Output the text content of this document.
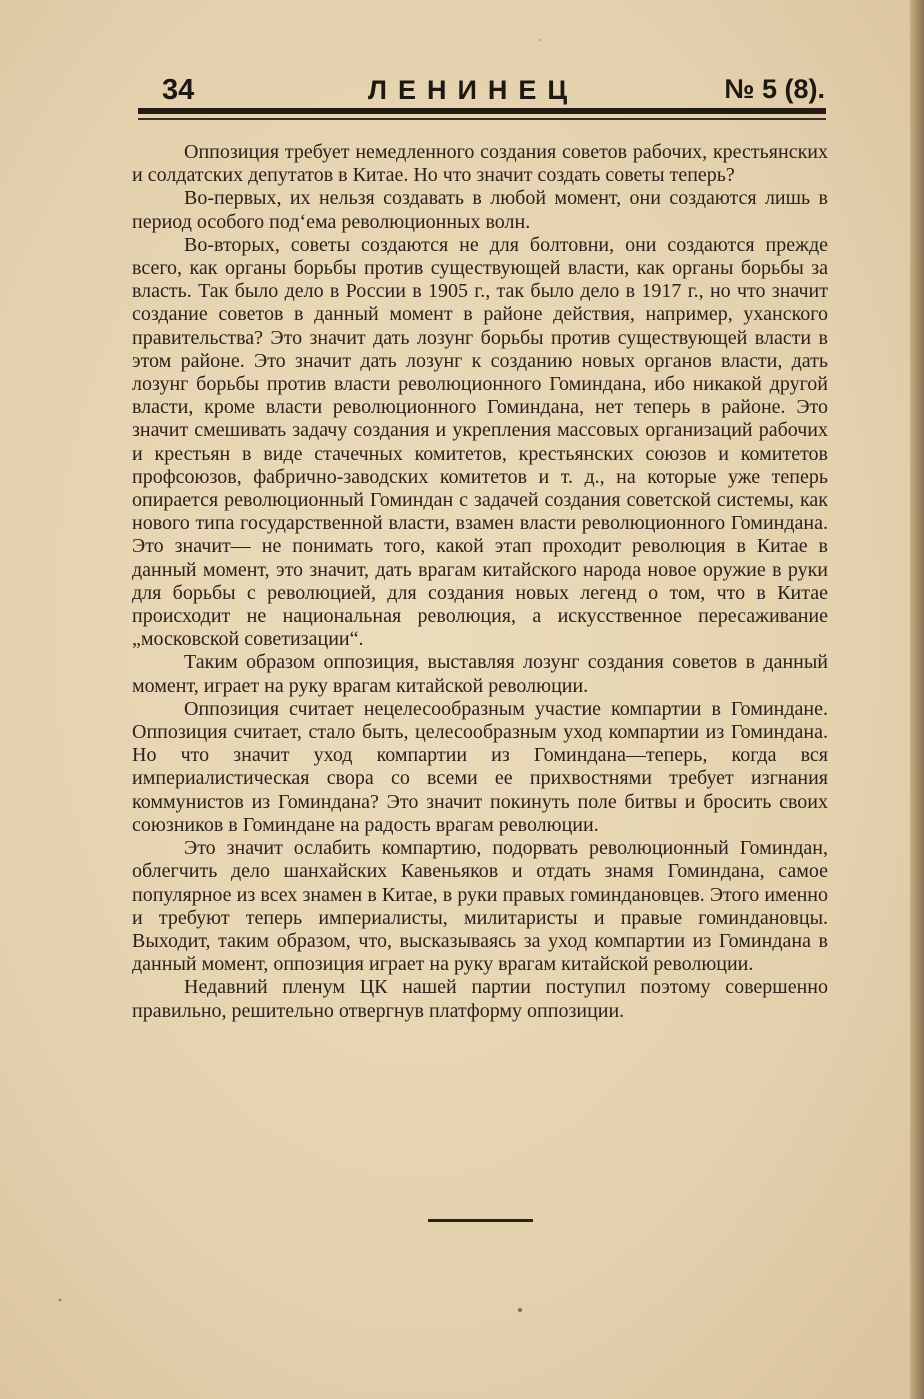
34	ЛЕНИНЕЦ	№ 5 (8).

Оппозиция требует немедленного создания советов рабочих, крестьянских и солдатских депутатов в Китае. Но что значит создать советы теперь?

Во-первых, их нельзя создавать в любой момент, они создаются лишь в период особого под‘ема революционных волн.

Во-вторых, советы создаются не для болтовни, они создаются прежде всего, как органы борьбы против существующей власти, как органы борьбы за власть. Так было дело в России в 1905 г., так было дело в 1917 г., но что значит создание советов в данный момент в районе действия, например, уханского правительства? Это значит дать лозунг борьбы против существующей власти в этом районе. Это значит дать лозунг к созданию новых органов власти, дать лозунг борьбы против власти революционного Гоминдана, ибо никакой другой власти, кроме власти революционного Гоминдана, нет теперь в районе. Это значит смешивать задачу создания и укрепления массовых организаций рабочих и крестьян в виде стачечных комитетов, крестьянских союзов и комитетов профсоюзов, фабрично-заводских комитетов и т. д., на которые уже теперь опирается революционный Гоминдан с задачей создания советской системы, как нового типа государственной власти, взамен власти революционного Гоминдана. Это значит— не понимать того, какой этап проходит революция в Китае в данный момент, это значит, дать врагам китайского народа новое оружие в руки для борьбы с революцией, для создания новых легенд о том, что в Китае происходит не национальная революция, а искусственное пересаживание „московской советизации“.

Таким образом оппозиция, выставляя лозунг создания советов в данный момент, играет на руку врагам китайской революции.

Оппозиция считает нецелесообразным участие компартии в Гоминдане. Оппозиция считает, стало быть, целесообразным уход компартии из Гоминдана. Но что значит уход компартии из Гоминдана—теперь, когда вся империалистическая свора со всеми ее прихвостнями требует изгнания коммунистов из Гоминдана? Это значит покинуть поле битвы и бросить своих союзников в Гоминдане на радость врагам революции.

Это значит ослабить компартию, подорвать революционный Гоминдан, облегчить дело шанхайских Кавеньяков и отдать знамя Гоминдана, самое популярное из всех знамен в Китае, в руки правых гоминдановцев. Этого именно и требуют теперь империалисты, милитаристы и правые гоминдановцы. Выходит, таким образом, что, высказываясь за уход компартии из Гоминдана в данный момент, оппозиция играет на руку врагам китайской революции.

Недавний пленум ЦК нашей партии поступил поэтому совершенно правильно, решительно отвергнув платформу оппозиции.
